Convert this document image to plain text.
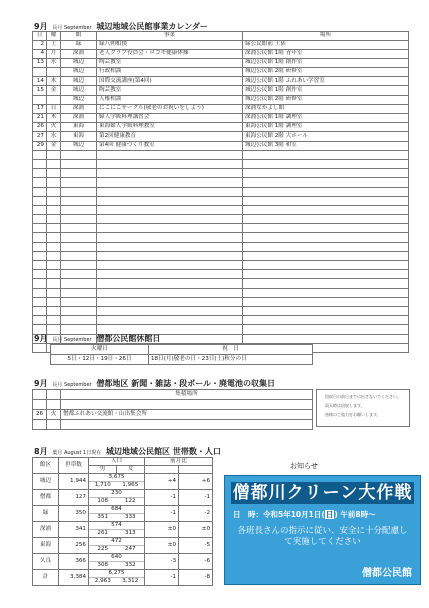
9月 長月 September 城辺地域公民館事業カレンダー
日	曜	館	事業	場所
2	土	緑	緑八朔相撲	緑公民館前 土俵
4	月	深浦	老人クラブ役員会・ロコモ健康体操	深浦公民館 1階 青年室
13	水	城辺	陶芸教室	城辺公民館 1階 創作室
		城辺	行政相談	城辺公民館 2階 研修室
14	木	城辺	国際交流講座(第4回)	城辺公民館 1階 ふれあい学習室
15	金	城辺	陶芸教室	城辺公民館 1階 創作室
		城辺	人権相談	城辺公民館 2階 研修室
17	日	深浦	にこにこサークル(敬老のお祝いをしよう)	深浦なかよし館
21	木	深浦	婦人学級料理講習会	深浦公民館 1階 調理室
26	火	東海	東海婦人学級料理教室	東海公民館 1階 調理室
27	水	東海	第2回健康教育	東海公民館 2階 大ホール
29	金	城辺	第4回 健康づくり教室	城辺公民館 3階 和室

9月 長月 September 僧都公民館休館日
火曜日	祝　日
5日・12日・19日・26日	18日(月)敬老の日・23日(土)秋分の日
9月 長月 September 僧都地区 新聞・雑誌・段ボール・廃電池の収集日
		集積場所

26	火	僧都ふれあい交流館・山出集会所

回収日の前日までに出さないでください。
雨天時は回収します。
皆様のご協力をお願いします。
8月 葉月 August 1日現在 城辺地域公民館区 世帯数・人口
館区	世帯数	人口		前月比	
		男	女		
城辺	1,944	3,675
1,710 1,965		+4	+6
僧都	127	230
108 122		-1	-1
緑	350	684
351 333		-1	-2
深浦	341	574
261 313		±0	±0
東海	256	472
225 247		±0	-5
久良	366	640
308 332		-3	-6
計	3,384	6,275
2,963 3,312		-1	-8
お知らせ
僧都川クリーン大作戦
日　時：令和5年10月1日(日) 午前8時～
各班長さんの指示に従い、安全に十分配慮して実施してください
僧都公民館
